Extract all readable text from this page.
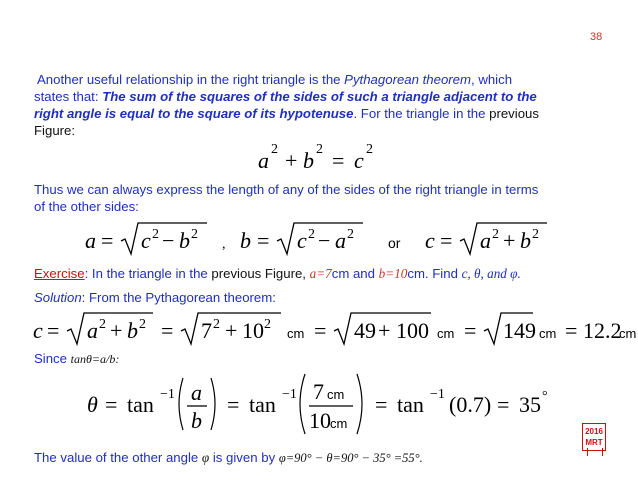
38
Another useful relationship in the right triangle is the Pythagorean theorem, which
states that: The sum of the squares of the sides of such a triangle adjacent to the
right angle is equal to the square of its hypotenuse. For the triangle in the previous
Figure:
a 2 + b 2 = c 2
Thus we can always express the length of any of the sides of the right triangle in terms
of the other sides:
a = c 2 − b 2
, b = c 2 − a 2
or c = a 2 + b 2
Exercise: In the triangle in the previous Figure, a=7cm and b=10cm. Find c, θ, and φ.
Solution: From the Pythagorean theorem:
c = a 2 + b 2 = 7 2 + 10 2
cm = 49 + 100 cm = 149 cm = 12.2
cm
Since tanθ=a/b:
θ = tan −1 a
b
= tan −1 7 cm
10 cm
= tan −1 (0.7) = 35 °
The value of the other angle φ is given by φ=90° − θ=90° − 35° =55°.
2016
MRT
